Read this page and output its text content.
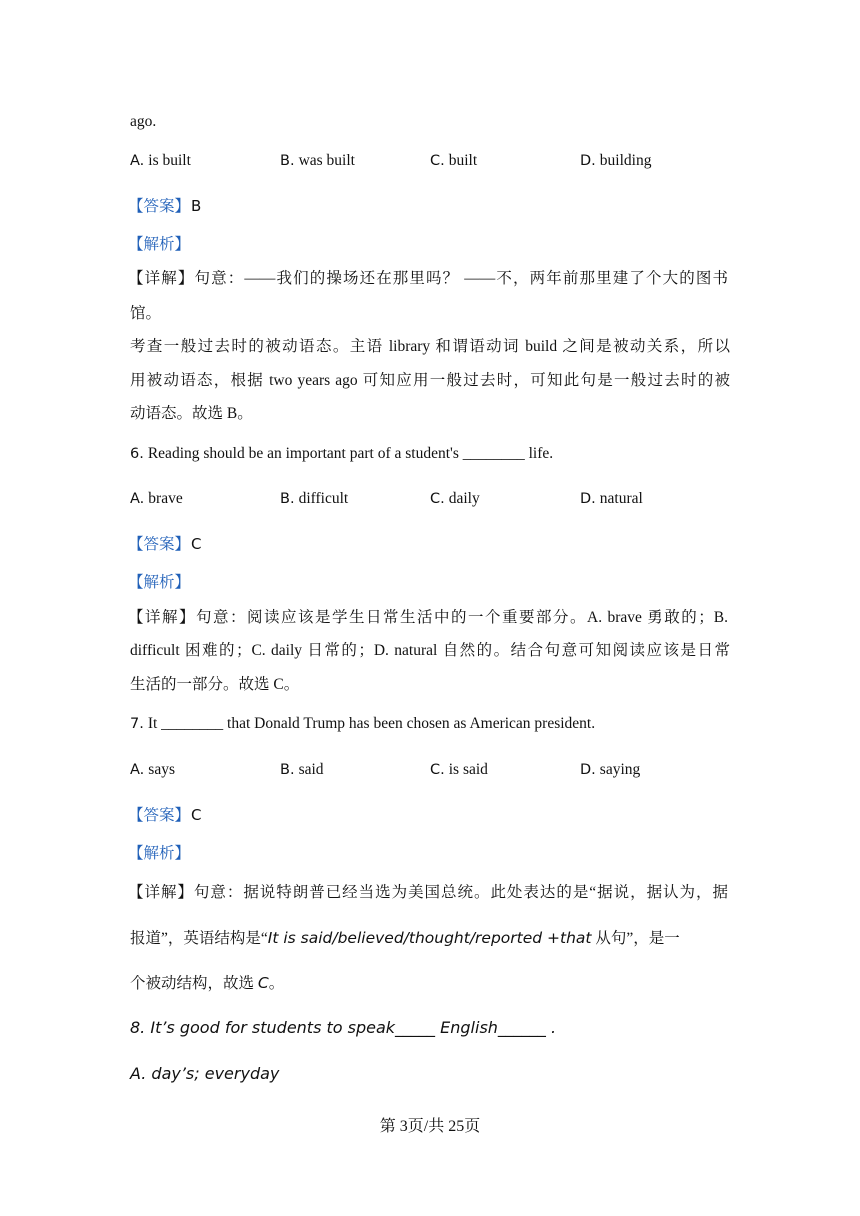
ago.
A. is built	B. was built	C. built	D. building
【答案】B
【解析】
【详解】句意：——我们的操场还在那里吗？ ——不，两年前那里建了个大的图书
馆。
考查一般过去时的被动语态。主语 library 和谓语动词 build 之间是被动关系，所以
用被动语态，根据 two years ago 可知应用一般过去时，可知此句是一般过去时的被
动语态。故选 B。
6. Reading should be an important part of a student's ________ life.
A. brave	B. difficult	C. daily	D. natural
【答案】C
【解析】
【详解】句意：阅读应该是学生日常生活中的一个重要部分。A. brave 勇敢的；B.
difficult 困难的；C. daily 日常的；D. natural 自然的。结合句意可知阅读应该是日常
生活的一部分。故选 C。
7. It ________ that Donald Trump has been chosen as American president.
A. says	B. said	C. is said	D. saying
【答案】C
【解析】
【详解】句意：据说特朗普已经当选为美国总统。此处表达的是“据说，据认为，据
报道”，英语结构是“It is said/believed/thought/reported +that 从句”，是一
个被动结构，故选 C。
8. It’s good for students to speak_____ English______ .
A. day’s; everyday
第 3页/共 25页
